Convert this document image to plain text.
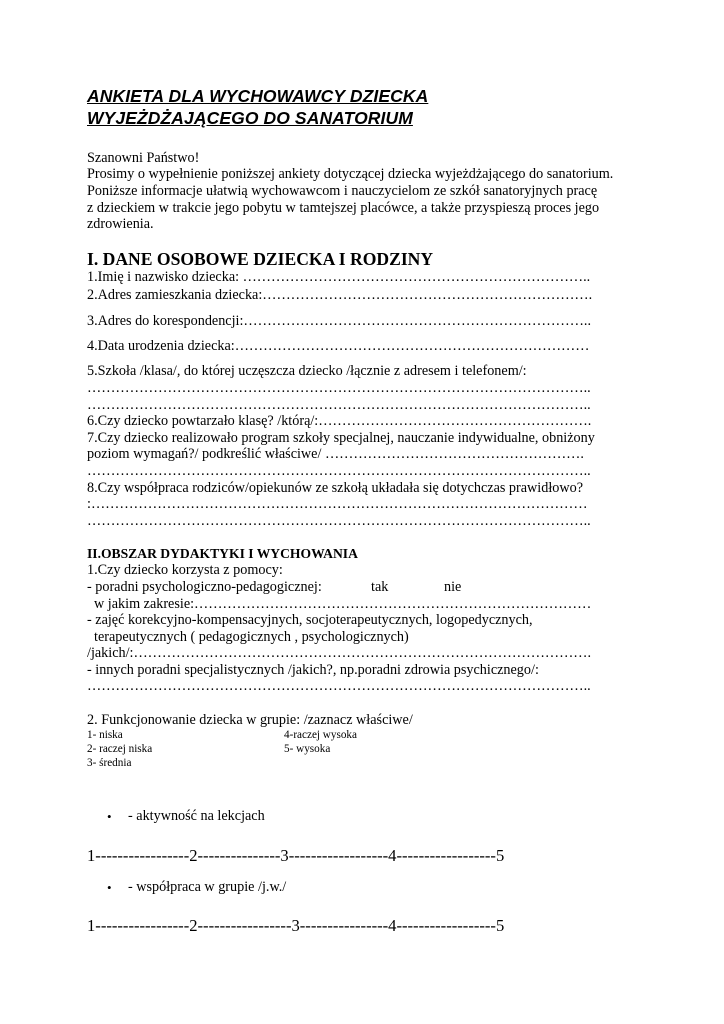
ANKIETA DLA WYCHOWAWCY DZIECKA
WYJEŻDŻAJĄCEGO DO SANATORIUM
Szanowni Państwo!
Prosimy o wypełnienie poniższej ankiety dotyczącej dziecka wyjeżdżającego do sanatorium.
Poniższe informacje ułatwią wychowawcom i nauczycielom ze szkół sanatoryjnych pracę
z dzieckiem w trakcie jego pobytu w tamtejszej placówce, a także przyspieszą proces jego
zdrowienia.
I. DANE OSOBOWE DZIECKA I RODZINY
1.Imię i nazwisko dziecka: ………………………………………………………………..
2.Adres zamieszkania dziecka:…………………………………………………………….
3.Adres do korespondencji:………………………………………………………………..
4.Data urodzenia dziecka:…………………………………………………………………
5.Szkoła /klasa/, do której uczęszcza dziecko /łącznie z adresem i telefonem/:
……………………………………………………………………………………………..
……………………………………………………………………………………………..
6.Czy dziecko powtarzało klasę? /którą/:………………………………………………….
7.Czy dziecko realizowało program szkoły specjalnej, nauczanie indywidualne, obniżony
poziom wymagań?/ podkreślić właściwe/ ……………………………………………….
……………………………………………………………………………………………..
8.Czy współpraca rodziców/opiekunów ze szkołą układała się dotychczas prawidłowo?
:……………………………………………………………………………………………
……………………………………………………………………………………………..
II.OBSZAR DYDAKTYKI I WYCHOWANIA
1.Czy dziecko korzysta z pomocy:
- poradni psychologiczno-pedagogicznej:	tak	nie
w jakim zakresie:…………………………………………………………………………
- zajęć korekcyjno-kompensacyjnych, socjoterapeutycznych, logopedycznych,
terapeutycznych ( pedagogicznych , psychologicznych)
/jakich/:…………………………………………………………………………………….
- innych poradni specjalistycznych /jakich?, np.poradni zdrowia psychicznego/:
……………………………………………………………………………………………..
2. Funkcjonowanie dziecka w grupie: /zaznacz właściwe/
1- niska
2- raczej niska
3- średnia
4-raczej wysoka
5- wysoka
• - aktywność na lekcjach
1-----------------2---------------3------------------4------------------5
• - współpraca w grupie /j.w./
1-----------------2-----------------3----------------4------------------5
